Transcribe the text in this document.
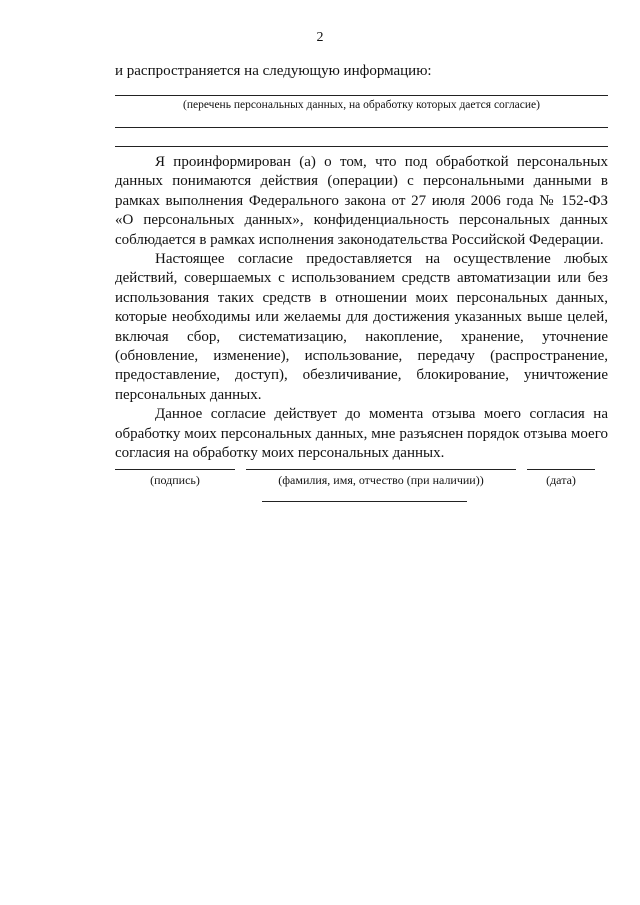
2
и распространяется на следующую информацию:
(перечень персональных данных, на обработку которых дается согласие)

Я проинформирован (а) о том, что под обработкой персональных данных понимаются действия (операции) с персональными данными в рамках выполнения Федерального закона от 27 июля 2006 года № 152-ФЗ «О персональных данных», конфиденциальность персональных данных соблюдается в рамках исполнения законодательства Российской Федерации.

Настоящее согласие предоставляется на осуществление любых действий, совершаемых с использованием средств автоматизации или без использования таких средств в отношении моих персональных данных, которые необходимы или желаемы для достижения указанных выше целей, включая сбор, систематизацию, накопление, хранение, уточнение (обновление, изменение), использование, передачу (распространение, предоставление, доступ), обезличивание, блокирование, уничтожение персональных данных.

Данное согласие действует до момента отзыва моего согласия на обработку моих персональных данных, мне разъяснен порядок отзыва моего согласия на обработку моих персональных данных.

(подпись)	(фамилия, имя, отчество (при наличии))	(дата)
